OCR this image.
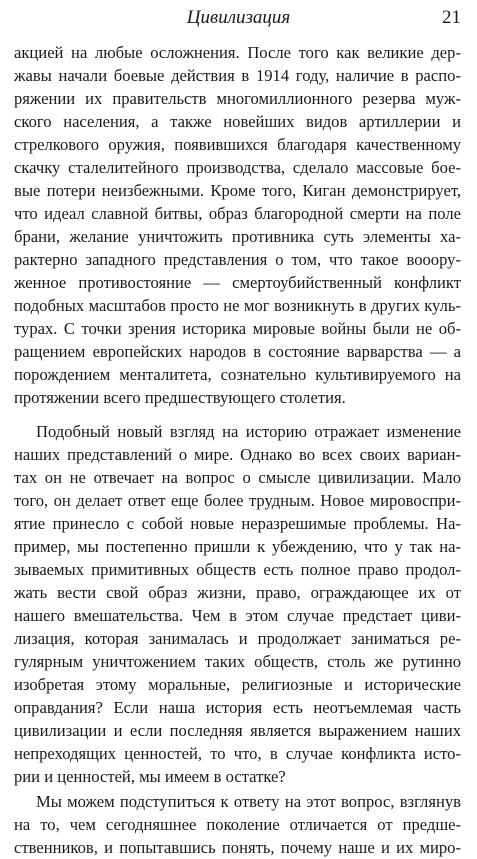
Цивилизация	21
акцией на любые осложнения. После того как великие дер-
жавы начали боевые действия в 1914 году, наличие в распо-
ряжении их правительств многомиллионного резерва муж-
ского населения, а также новейших видов артиллерии и
стрелкового оружия, появившихся благодаря качественному
скачку сталелитейного производства, сделало массовые бое-
вые потери неизбежными. Кроме того, Киган демонстрирует,
что идеал славной битвы, образ благородной смерти на поле
брани, желание уничтожить противника суть элементы ха-
рактерно западного представления о том, что такое вооору-
женное противостояние — смертоубийственный конфликт
подобных масштабов просто не мог возникнуть в других куль-
турах. С точки зрения историка мировые войны были не об-
ращением европейских народов в состояние варварства — а
порождением менталитета, сознательно культивируемого на
протяжении всего предшествующего столетия.
Подобный новый взгляд на историю отражает изменение
наших представлений о мире. Однако во всех своих вариан-
тах он не отвечает на вопрос о смысле цивилизации. Мало
того, он делает ответ еще более трудным. Новое мировоспри-
ятие принесло с собой новые неразрешимые проблемы. На-
пример, мы постепенно пришли к убеждению, что у так на-
зываемых примитивных обществ есть полное право продол-
жать вести свой образ жизни, право, ограждающее их от
нашего вмешательства. Чем в этом случае предстает циви-
лизация, которая занималась и продолжает заниматься ре-
гулярным уничтожением таких обществ, столь же рутинно
изобретая этому моральные, религиозные и исторические
оправдания? Если наша история есть неотъемлемая часть
цивилизации и если последняя является выражением наших
непреходящих ценностей, то что, в случае конфликта исто-
рии и ценностей, мы имеем в остатке?
Мы можем подступиться к ответу на этот вопрос, взглянув
на то, чем сегодняшнее поколение отличается от предше-
ственников, и попытавшись понять, почему наше и их миро-
